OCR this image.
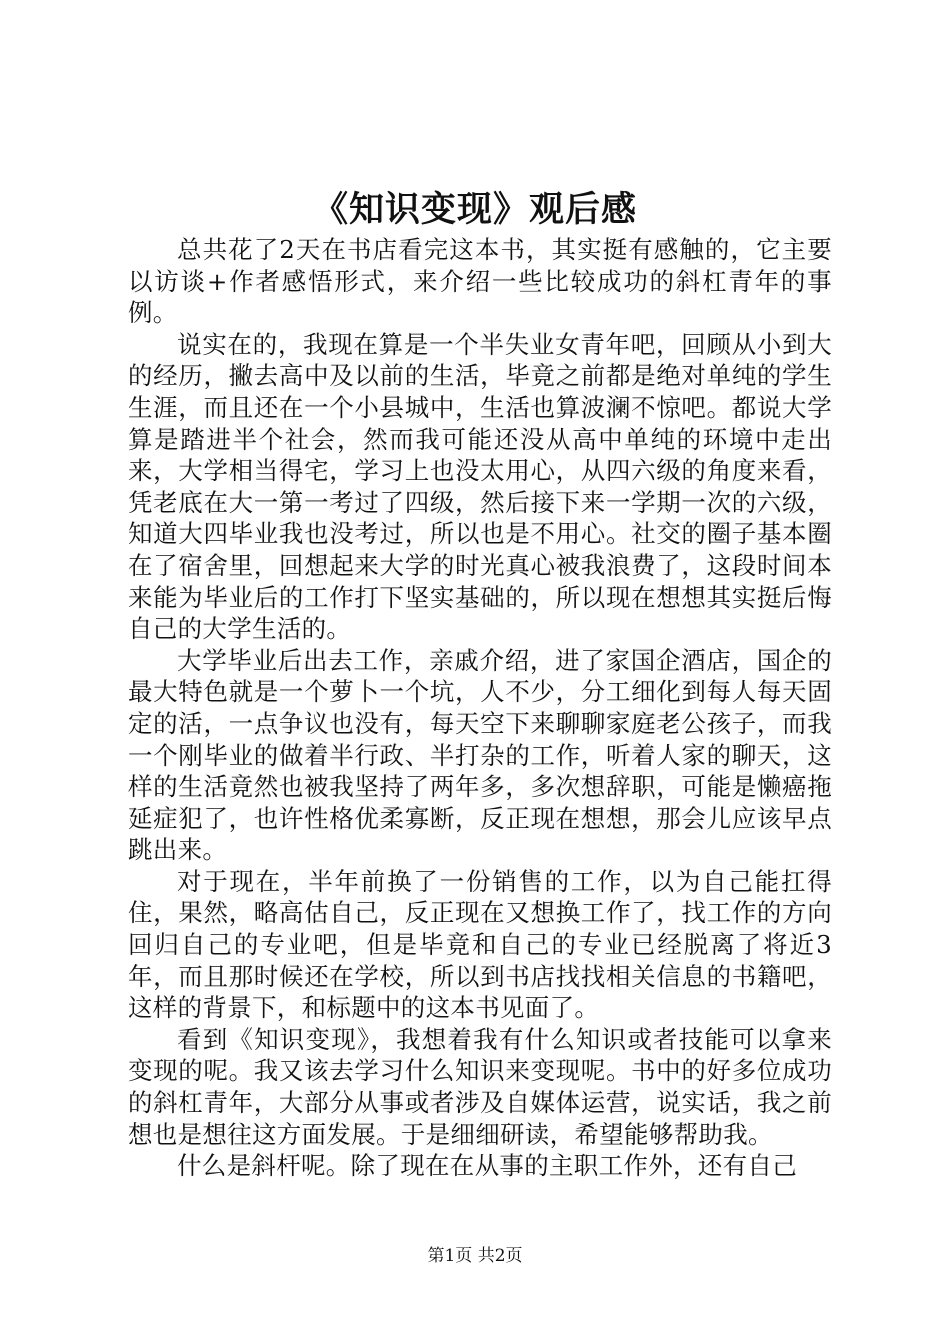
《知识变现》观后感

总共花了2天在书店看完这本书，其实挺有感触的，它主要以访谈+作者感悟形式，来介绍一些比较成功的斜杠青年的事例。

说实在的，我现在算是一个半失业女青年吧，回顾从小到大的经历，撇去高中及以前的生活，毕竟之前都是绝对单纯的学生生涯，而且还在一个小县城中，生活也算波澜不惊吧。都说大学算是踏进半个社会，然而我可能还没从高中单纯的环境中走出来，大学相当得宅，学习上也没太用心，从四六级的角度来看，凭老底在大一第一考过了四级，然后接下来一学期一次的六级，知道大四毕业我也没考过，所以也是不用心。社交的圈子基本圈在了宿舍里，回想起来大学的时光真心被我浪费了，这段时间本来能为毕业后的工作打下坚实基础的，所以现在想想其实挺后悔自己的大学生活的。

大学毕业后出去工作，亲戚介绍，进了家国企酒店，国企的最大特色就是一个萝卜一个坑，人不少，分工细化到每人每天固定的活，一点争议也没有，每天空下来聊聊家庭老公孩子，而我一个刚毕业的做着半行政、半打杂的工作，听着人家的聊天，这样的生活竟然也被我坚持了两年多，多次想辞职，可能是懒癌拖延症犯了，也许性格优柔寡断，反正现在想想，那会儿应该早点跳出来。

对于现在，半年前换了一份销售的工作，以为自己能扛得住，果然，略高估自己，反正现在又想换工作了，找工作的方向回归自己的专业吧，但是毕竟和自己的专业已经脱离了将近3年，而且那时候还在学校，所以到书店找找相关信息的书籍吧，这样的背景下，和标题中的这本书见面了。

看到《知识变现》，我想着我有什么知识或者技能可以拿来变现的呢。我又该去学习什么知识来变现呢。书中的好多位成功的斜杠青年，大部分从事或者涉及自媒体运营，说实话，我之前想也是想往这方面发展。于是细细研读，希望能够帮助我。

什么是斜杆呢。除了现在在从事的主职工作外，还有自己

第1页 共2页
